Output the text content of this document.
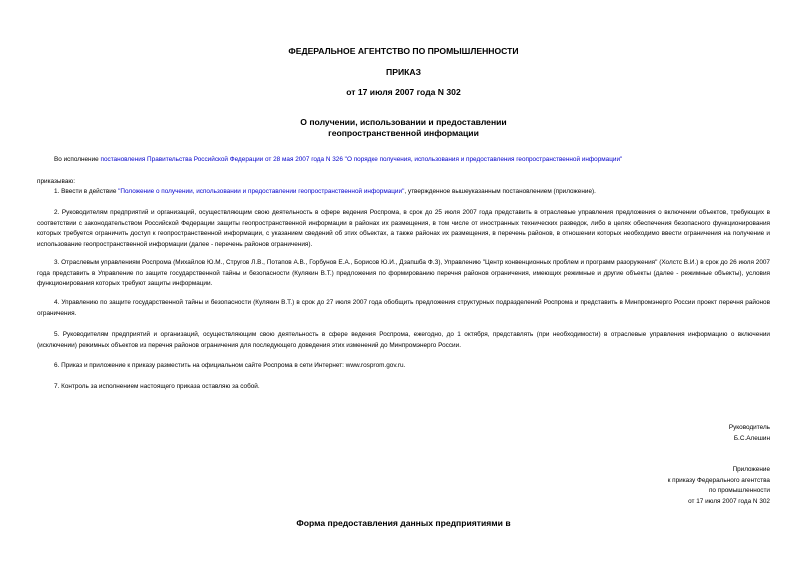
ФЕДЕРАЛЬНОЕ АГЕНТСТВО ПО ПРОМЫШЛЕННОСТИ
ПРИКАЗ
от 17 июля 2007 года N 302
О получении, использовании и предоставлении
геопространственной информации
Во исполнение постановления Правительства Российской Федерации от 28 мая 2007 года N 326 "О порядке получения, использования и предоставления геопространственной информации"
приказываю:
1. Ввести в действие "Положение о получении, использовании и предоставлении геопространственной информации", утвержденное вышеуказанным постановлением (приложение).

2. Руководителям предприятий и организаций, осуществляющим свою деятельность в сфере ведения Роспрома, в срок до 25 июля 2007 года представить в отраслевые управления предложения о включении объектов, требующих в соответствии с законодательством Российской Федерации защиты геопространственной информации в районах их размещения, в том числе от иностранных технических разведок, либо в целях обеспечения безопасного функционирования которых требуется ограничить доступ к геопространственной информации, с указанием сведений об этих объектах, а также районах их размещения, в перечень районов, в отношении которых необходимо ввести ограничения на получение и использование геопространственной информации (далее - перечень районов ограничения).

3. Отраслевым управлениям Роспрома (Михайлов Ю.М., Стругов Л.В., Потапов А.В., Горбунов Е.А., Борисов Ю.И., Дзапшба Ф.З), Управлению "Центр конвенционных проблем и программ разоружения" (Холстс В.И.) в срок до 26 июля 2007 года представить в Управление по защите государственной тайны и безопасности (Кулякин В.Т.) предложения по формированию перечня районов ограничения, имеющих режимные и другие объекты (далее - режимные объекты), условия функционирования которых требуют защиты информации.

4. Управлению по защите государственной тайны и безопасности (Кулякин В.Т.) в срок до 27 июля 2007 года обобщить предложения структурных подразделений Роспрома и представить в Минпромэнерго России проект перечня районов ограничения.

5. Руководителям предприятий и организаций, осуществляющим свою деятельность в сфере ведения Роспрома, ежегодно, до 1 октября, представлять (при необходимости) в отраслевые управления информацию о включении (исключении) режимных объектов из перечня районов ограничения для последующего доведения этих изменений до Минпромэнерго России.

6. Приказ и приложение к приказу разместить на официальном сайте Роспрома в сети Интернет: www.rosprom.gov.ru.
7. Контроль за исполнением настоящего приказа оставляю за собой.
Руководитель
Б.С.Алешин
Приложение
к приказу Федерального агентства
по промышленности
от 17 июля 2007 года N 302
Форма предоставления данных предприятиями в
